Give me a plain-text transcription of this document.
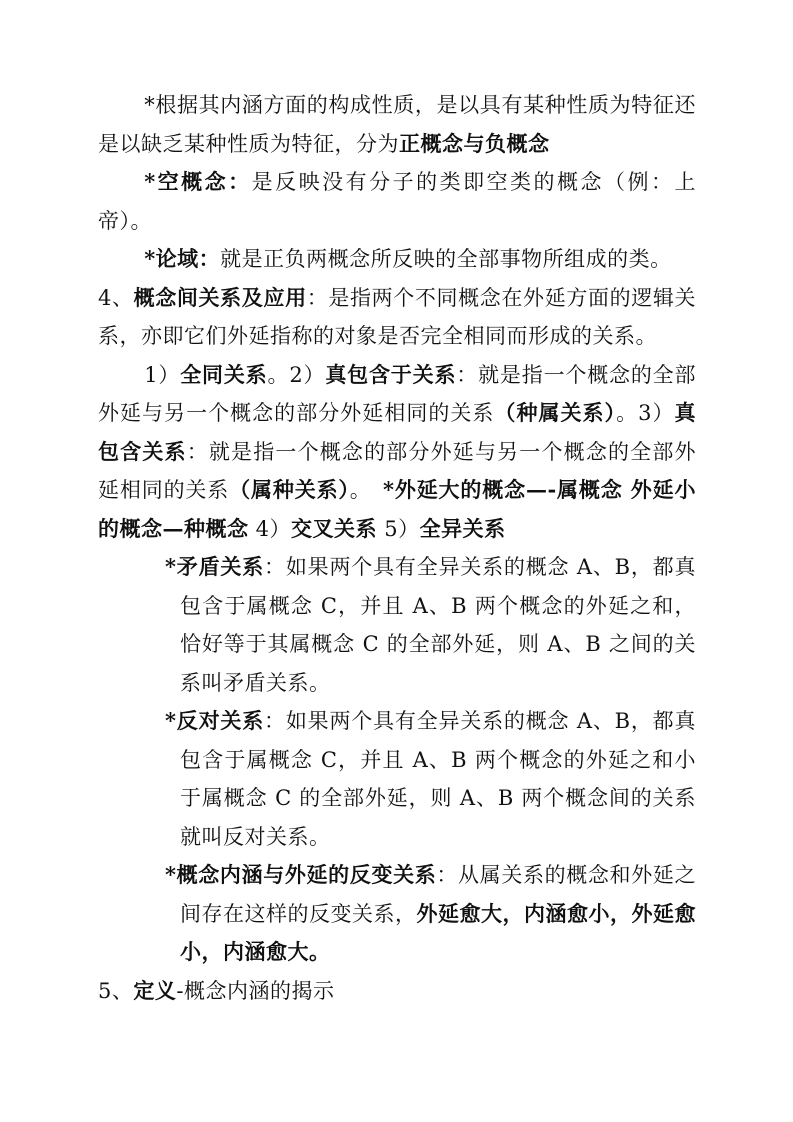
*根据其内涵方面的构成性质，是以具有某种性质为特征还是以缺乏某种性质为特征，分为正概念与负概念

*空概念：是反映没有分子的类即空类的概念（例：上帝）。

*论域：就是正负两概念所反映的全部事物所组成的类。

4、概念间关系及应用：是指两个不同概念在外延方面的逻辑关系，亦即它们外延指称的对象是否完全相同而形成的关系。

1）全同关系。2）真包含于关系：就是指一个概念的全部外延与另一个概念的部分外延相同的关系（种属关系）。3）真包含关系：就是指一个概念的部分外延与另一个概念的全部外延相同的关系（属种关系）。　*外延大的概念—-属概念 外延小的概念—种概念 4）交叉关系 5）全异关系

*矛盾关系：如果两个具有全异关系的概念 A、B，都真包含于属概念 C，并且 A、B 两个概念的外延之和，恰好等于其属概念 C 的全部外延，则 A、B 之间的关系叫矛盾关系。

*反对关系：如果两个具有全异关系的概念 A、B，都真包含于属概念 C，并且 A、B 两个概念的外延之和小于属概念 C 的全部外延，则 A、B 两个概念间的关系就叫反对关系。

*概念内涵与外延的反变关系：从属关系的概念和外延之间存在这样的反变关系，外延愈大，内涵愈小，外延愈小，内涵愈大。

5、定义-概念内涵的揭示
